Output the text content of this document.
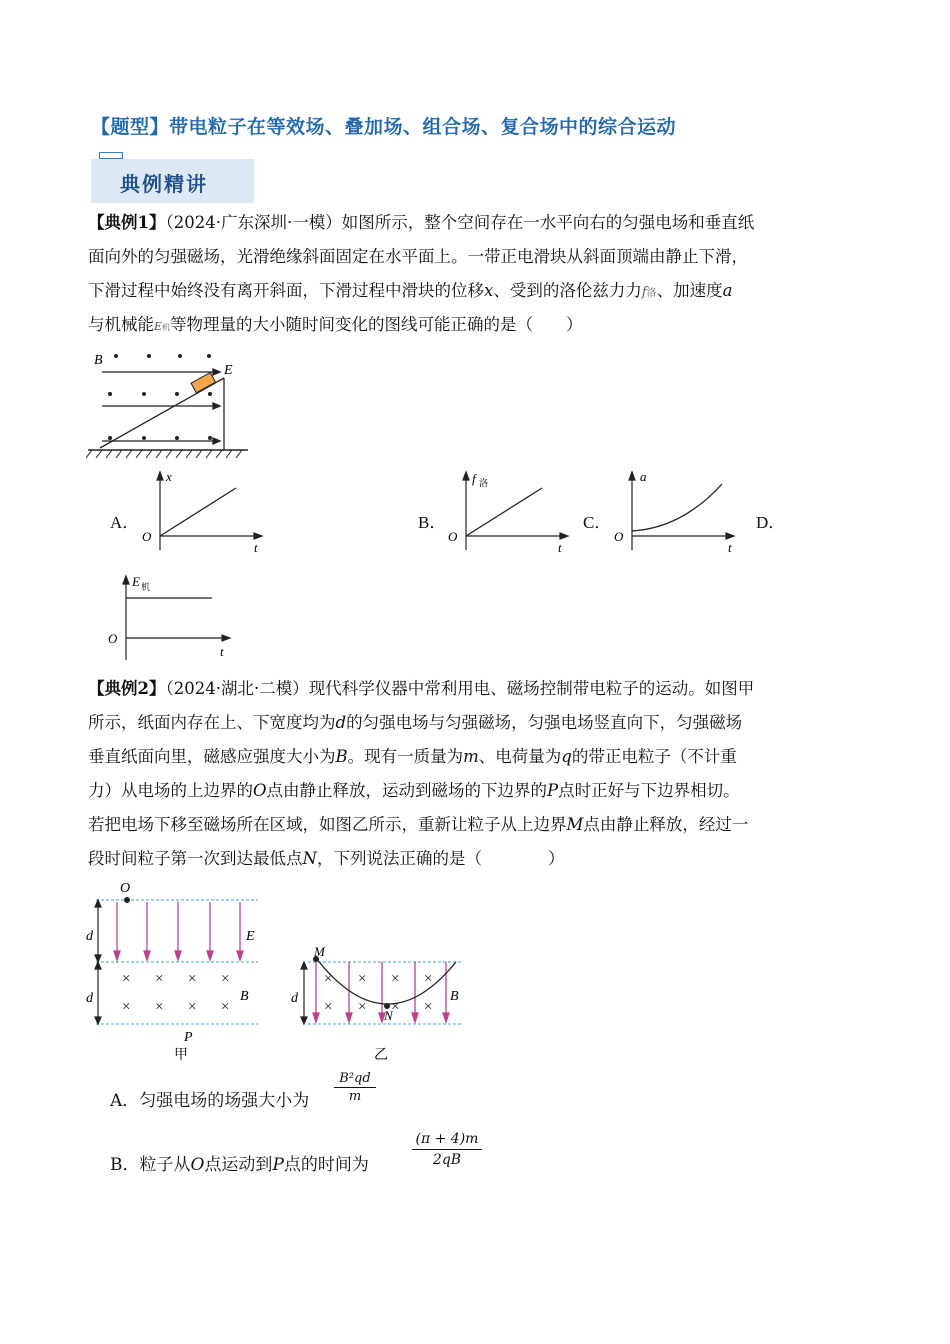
【题型】带电粒子在等效场、叠加场、组合场、复合场中的综合运动
典例精讲
【典例1】（2024·广东深圳·一模）如图所示，整个空间存在一水平向右的匀强电场和垂直纸
面向外的匀强磁场，光滑绝缘斜面固定在水平面上。一带正电滑块从斜面顶端由静止下滑，
下滑过程中始终没有离开斜面，下滑过程中滑块的位移x、受到的洛伦兹力力f洛、加速度a
与机械能E机等物理量的大小随时间变化的图线可能正确的是（　　）
B
E
A．	B．	C．	D．
x
O
t
f 洛
O
t
a
O
t
E 机
O
t
【典例2】（2024·湖北·二模）现代科学仪器中常利用电、磁场控制带电粒子的运动。如图甲
所示，纸面内存在上、下宽度均为d的匀强电场与匀强磁场，匀强电场竖直向下，匀强磁场
垂直纸面向里，磁感应强度大小为B。现有一质量为m、电荷量为q的带正电粒子（不计重
力）从电场的上边界的O点由静止释放，运动到磁场的下边界的P点时正好与下边界相切。
若把电场下移至磁场所在区域，如图乙所示，重新让粒子从上边界M点由静止释放，经过一
段时间粒子第一次到达最低点N，下列说法正确的是（　　　　）
O
E
× × × ×
× × × ×
B
d
d
P
甲
× × × ×
× × × ×
M
N
B
d
乙
A．匀强电场的场强大小为 $\frac{\text{B²qd}}{m}$
B．粒子从O点运动到P点的时间为	$\frac{(\pi + 4)m}{2qB}$
